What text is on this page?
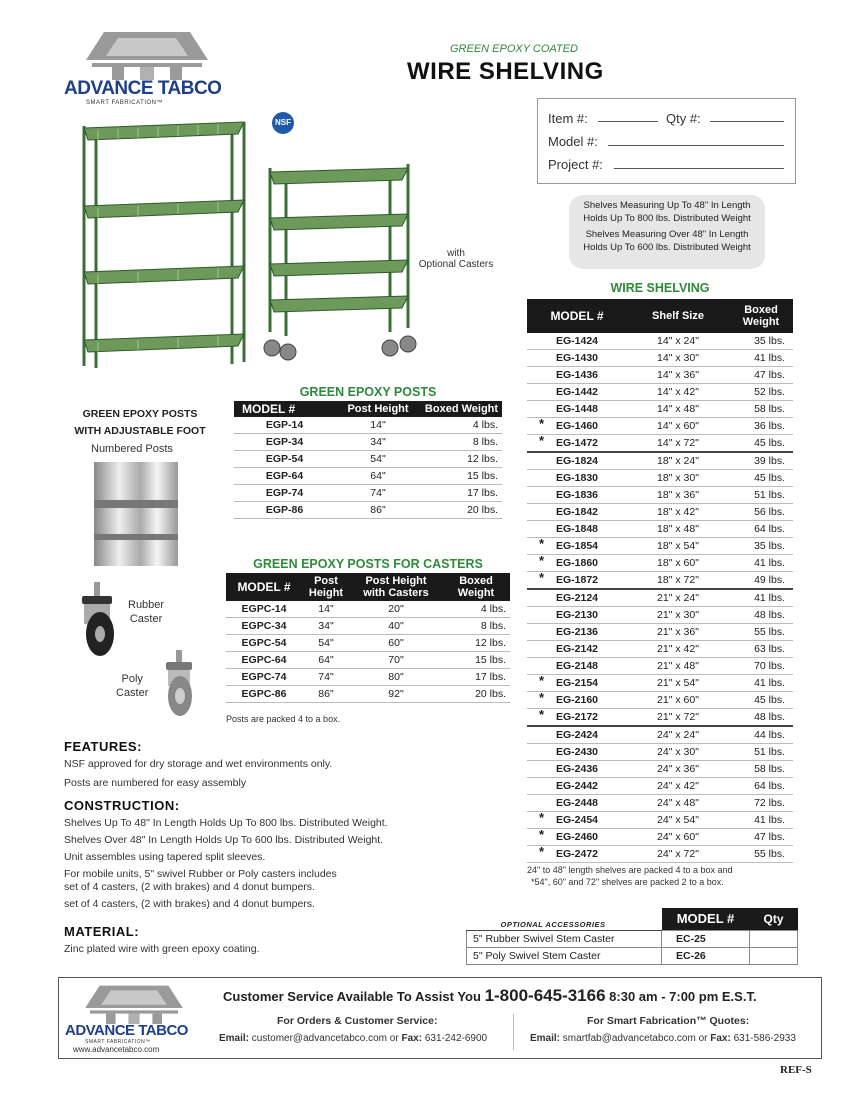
ADVANCE TABCO
SMART FABRICATION™
GREEN EPOXY COATED
WIRE SHELVING
Item #:	Qty #:
Model #:
Project #:
Shelves Measuring Up To 48" In Length
Holds Up To 800 lbs. Distributed Weight
Shelves Measuring Over 48" In Length
Holds Up To 600 lbs. Distributed Weight
NSF
with
Optional Casters
GREEN EPOXY POSTS
WITH ADJUSTABLE FOOT
Numbered Posts
Rubber
Caster
Poly
Caster
GREEN EPOXY POSTS
MODEL #	Post Height	Boxed Weight
EGP-14	14"	4 lbs.
EGP-34	34"	8 lbs.
EGP-54	54"	12 lbs.
EGP-64	64"	15 lbs.
EGP-74	74"	17 lbs.
EGP-86	86"	20 lbs.
GREEN EPOXY POSTS FOR CASTERS
MODEL #	Post Height	Post Height with Casters	Boxed Weight
EGPC-14	14"	20"	4 lbs.
EGPC-34	34"	40"	8 lbs.
EGPC-54	54"	60"	12 lbs.
EGPC-64	64"	70"	15 lbs.
EGPC-74	74"	80"	17 lbs.
EGPC-86	86"	92"	20 lbs.
Posts are packed 4 to a box.
WIRE SHELVING
MODEL #	Shelf Size	Boxed Weight

EG-1424	14" x 24"	35 lbs.

EG-1430	14" x 30"	41 lbs.

EG-1436	14" x 36"	47 lbs.

EG-1442	14" x 42"	52 lbs.

EG-1448	14" x 48"	58 lbs.

* EG-1460	14" x 60"	36 lbs.

* EG-1472	14" x 72"	45 lbs.

EG-1824	18" x 24"	39 lbs.

EG-1830	18" x 30"	45 lbs.

EG-1836	18" x 36"	51 lbs.

EG-1842	18" x 42"	56 lbs.

EG-1848	18" x 48"	64 lbs.

* EG-1854	18" x 54"	35 lbs.

* EG-1860	18" x 60"	41 lbs.

* EG-1872	18" x 72"	49 lbs.

EG-2124	21" x 24"	41 lbs.

EG-2130	21" x 30"	48 lbs.

EG-2136	21" x 36"	55 lbs.

EG-2142	21" x 42"	63 lbs.

EG-2148	21" x 48"	70 lbs.

* EG-2154	21" x 54"	41 lbs.

* EG-2160	21" x 60"	45 lbs.

* EG-2172	21" x 72"	48 lbs.

EG-2424	24" x 24"	44 lbs.

EG-2430	24" x 30"	51 lbs.

EG-2436	24" x 36"	58 lbs.

EG-2442	24" x 42"	64 lbs.

EG-2448	24" x 48"	72 lbs.

* EG-2454	24" x 54"	41 lbs.

* EG-2460	24" x 60"	47 lbs.

* EG-2472	24" x 72"	55 lbs.
24" to 48" length shelves are packed 4 to a box and
*54", 60" and 72" shelves are packed 2 to a box.
FEATURES:
NSF approved for dry storage and wet environments only.
Posts are numbered for easy assembly
CONSTRUCTION:
Shelves Up To 48" In Length Holds Up To 800 lbs. Distributed Weight.
Shelves Over 48" In Length Holds Up To 600 lbs. Distributed Weight.
Unit assembles using tapered split sleeves.
For mobile units, 5" swivel Rubber or Poly casters includes
set of 4 casters, (2 with brakes) and 4 donut bumpers.
set of 4 casters, (2 with brakes) and 4 donut bumpers.
MATERIAL:
Zinc plated wire with green epoxy coating.
OPTIONAL ACCESSORIES	MODEL #	Qty
5" Rubber Swivel Stem Caster	EC-25	
5" Poly Swivel Stem Caster	EC-26	
ADVANCE TABCO
SMART FABRICATION™
www.advancetabco.com
Customer Service Available To Assist You 1-800-645-3166 8:30 am - 7:00 pm E.S.T.
For Orders & Customer Service:
Email: customer@advancetabco.com or Fax: 631-242-6900
For Smart Fabrication™ Quotes:
Email: smartfab@advancetabco.com or Fax: 631-586-2933
REF-S
